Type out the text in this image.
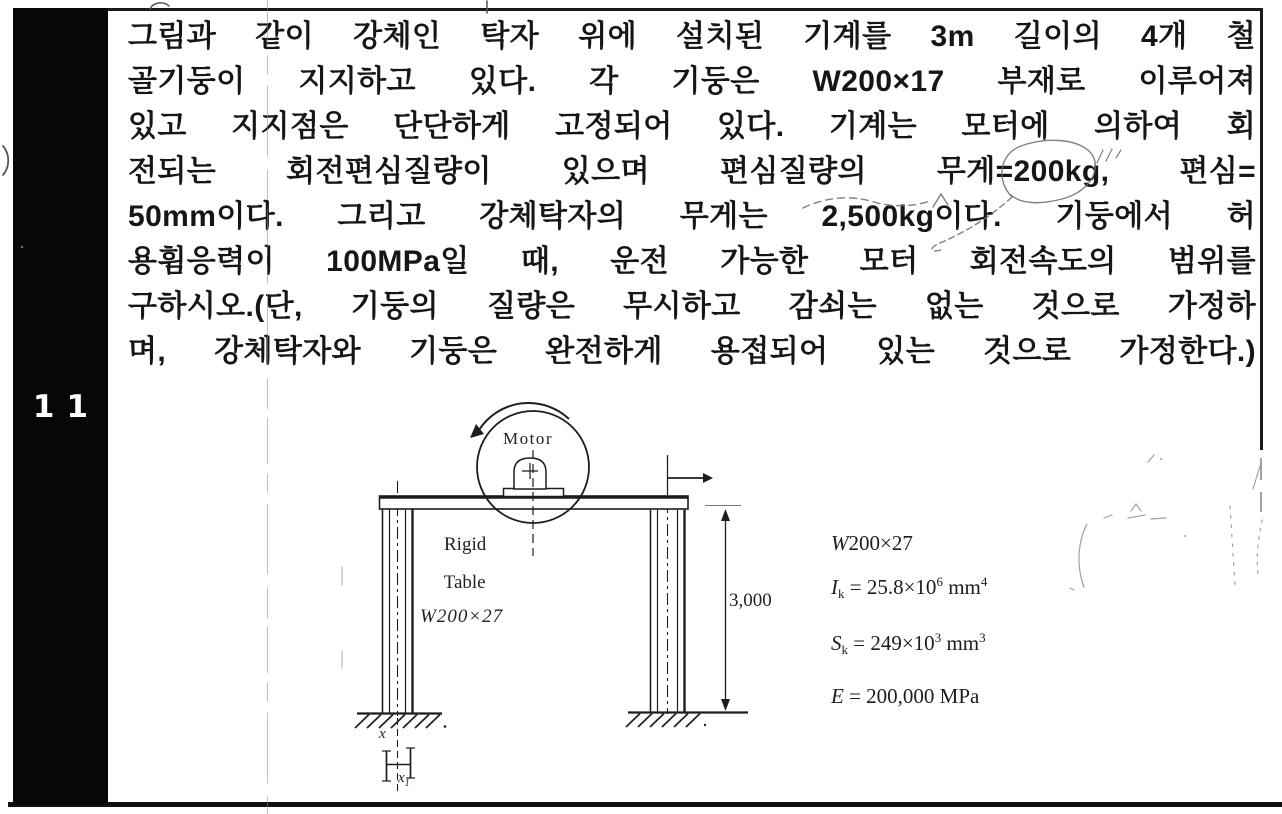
11
그림과 같이 강체인 탁자 위에 설치된 기계를 3m 길이의 4개 철
골기둥이 지지하고 있다. 각 기둥은 W200×17 부재로 이루어져
있고 지지점은 단단하게 고정되어 있다. 기계는 모터에 의하여 회
전되는 회전편심질량이 있으며 편심질량의 무게=200kg, 편심=
50mm이다. 그리고 강체탁자의 무게는 2,500kg이다. 기둥에서 허
용휨응력이 100MPa일 때, 운전 가능한 모터 회전속도의 범위를
구하시오.(단, 기둥의 질량은 무시하고 감쇠는 없는 것으로 가정하
며, 강체탁자와 기둥은 완전하게 용접되어 있는 것으로 가정한다.)
Motor

Rigid

Table

W200×27
3,000
x
$x_1$
W200×27
$I_k = 25.8\times 10^6$ $mm^4$
$S_k = 249\times 10^3$ $mm^3$
E = 200,000 MPa
